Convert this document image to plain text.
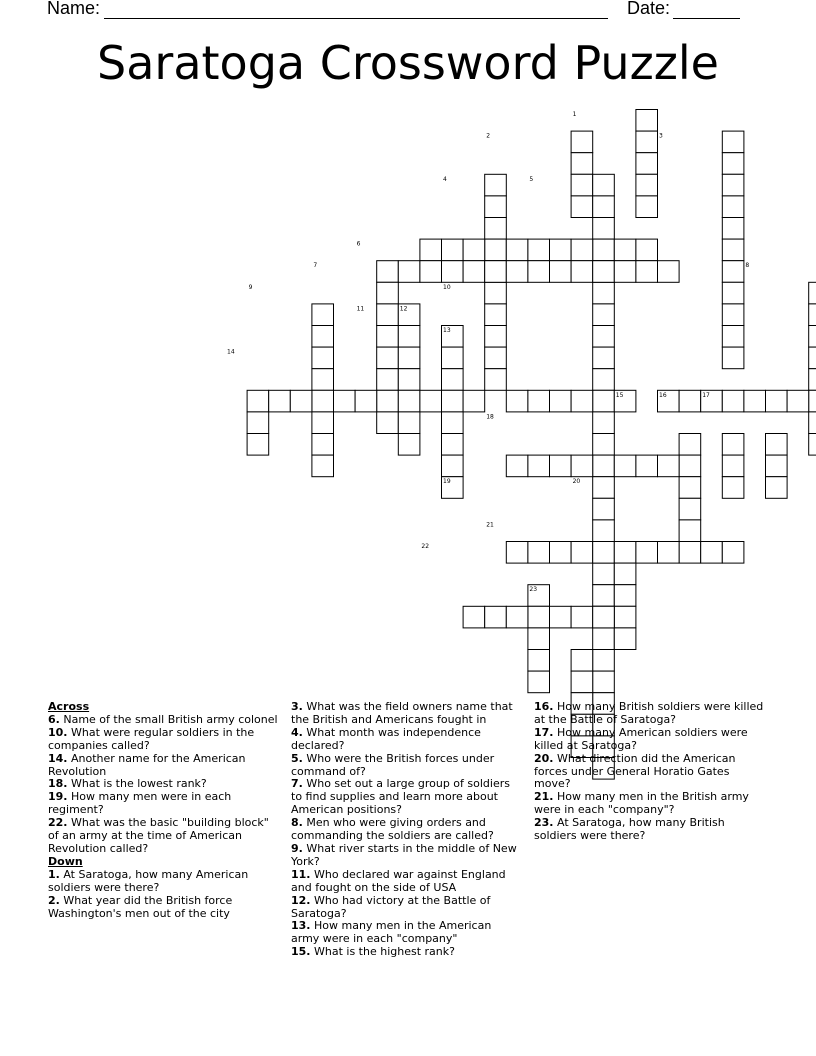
Name:	Date:
Saratoga Crossword Puzzle
1
2	3
4	5
6
7	8
9	10
11	12
13
14
15	16	17
18
19	20
21
22
23
Across
6. Name of the small British army colonel
10. What were regular soldiers in the companies called?
14. Another name for the American Revolution
18. What is the lowest rank?
19. How many men were in each regiment?
22. What was the basic "building block" of an army at the time of American Revolution called?
Down
1. At Saratoga, how many American soldiers were there?
2. What year did the British force Washington's men out of the city
3. What was the field owners name that the British and Americans fought in
4. What month was independence declared?
5. Who were the British forces under command of?
7. Who set out a large group of soldiers to find supplies and learn more about American positions?
8. Men who were giving orders and commanding the soldiers are called?
9. What river starts in the middle of New York?
11. Who declared war against England and fought on the side of USA
12. Who had victory at the Battle of Saratoga?
13. How many men in the American army were in each "company"
15. What is the highest rank?
16. How many British soldiers were killed at the Battle of Saratoga?
17. How many American soldiers were killed at Saratoga?
20. What direction did the American forces under General Horatio Gates move?
21. How many men in the British army were in each "company"?
23. At Saratoga, how many British soldiers were there?
